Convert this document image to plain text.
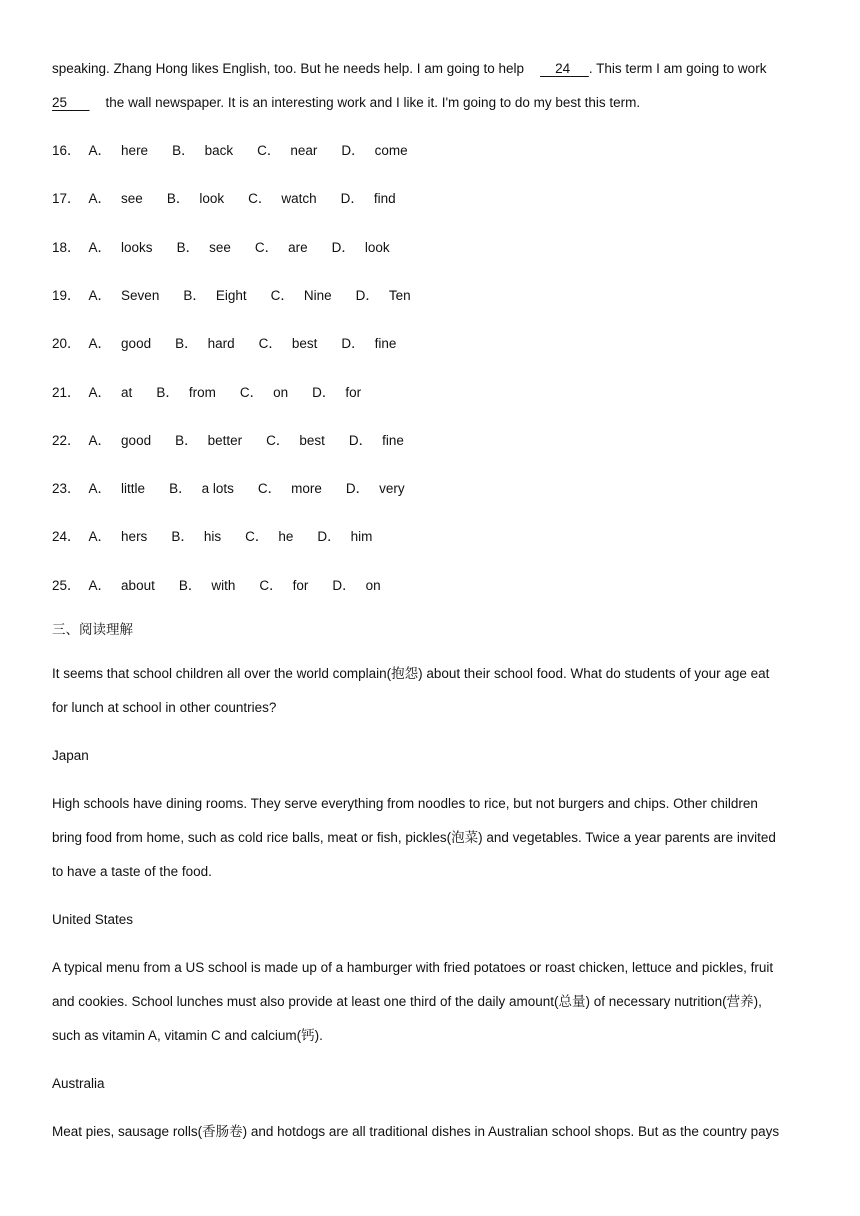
speaking. Zhang Hong likes English, too. But he needs help. I am going to help 24 . This term I am going to work
25	the wall newspaper. It is an interesting work and I like it. I'm going to do my best this term.
16． A． here B． back C． near D． come
17． A． see B． look C． watch D． find
18． A． looks B． see C． are D． look
19． A． Seven B． Eight C． Nine D． Ten
20． A． good B． hard C． best D． fine
21． A． at B． from C． on D． for
22． A． good B． better C． best D． fine
23． A． little B． a lots C． more D． very
24． A． hers B． his C． he D． him
25． A． about B． with C． for D． on
三、阅读理解
It seems that school children all over the world complain(抱怨) about their school food. What do students of your age eat
for lunch at school in other countries?
Japan
High schools have dining rooms. They serve everything from noodles to rice, but not burgers and chips. Other children
bring food from home, such as cold rice balls, meat or fish, pickles(泡菜) and vegetables. Twice a year parents are invited
to have a taste of the food.
United States
A typical menu from a US school is made up of a hamburger with fried potatoes or roast chicken, lettuce and pickles, fruit
and cookies. School lunches must also provide at least one third of the daily amount(总量) of necessary nutrition(营养),
such as vitamin A, vitamin C and calcium(钙).
Australia
Meat pies, sausage rolls(香肠卷) and hotdogs are all traditional dishes in Australian school shops. But as the country pays
